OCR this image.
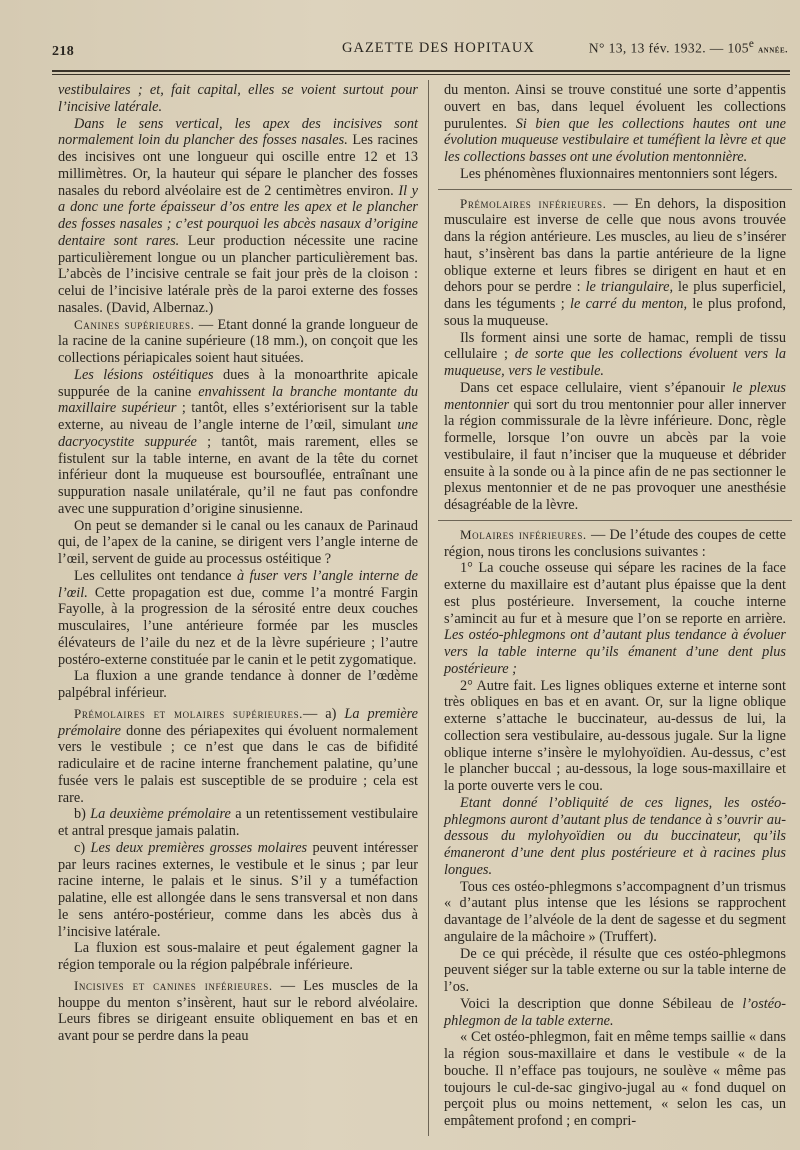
218	GAZETTE DES HOPITAUX	N° 13, 13 fév. 1932. — 105e année.

vestibulaires ; et, fait capital, elles se voient surtout pour l’incisive latérale.

Dans le sens vertical, les apex des incisives sont normalement loin du plancher des fosses nasales. Les racines des incisives ont une longueur qui oscille entre 12 et 13 millimètres. Or, la hauteur qui sépare le plancher des fosses nasales du rebord alvéolaire est de 2 centimètres environ. Il y a donc une forte épaisseur d’os entre les apex et le plancher des fosses nasales ; c’est pourquoi les abcès nasaux d’origine dentaire sont rares. Leur production nécessite une racine particulièrement longue ou un plancher particulièrement bas. L’abcès de l’incisive centrale se fait jour près de la cloison : celui de l’incisive latérale près de la paroi externe des fosses nasales. (David, Albernaz.)

Canines supérieures. — Etant donné la grande longueur de la racine de la canine supérieure (18 mm.), on conçoit que les collections périapicales soient haut situées.

Les lésions ostéitiques dues à la monoarthrite apicale suppurée de la canine envahissent la branche montante du maxillaire supérieur ; tantôt, elles s’extériorisent sur la table externe, au niveau de l’angle interne de l’œil, simulant une dacryocystite suppurée ; tantôt, mais rarement, elles se fistulent sur la table interne, en avant de la tête du cornet inférieur dont la muqueuse est boursouflée, entraînant une suppuration nasale unilatérale, qu’il ne faut pas confondre avec une suppuration d’origine sinusienne.

On peut se demander si le canal ou les canaux de Parinaud qui, de l’apex de la canine, se dirigent vers l’angle interne de l’œil, servent de guide au processus ostéitique ?

Les cellulites ont tendance à fuser vers l’angle interne de l’œil. Cette propagation est due, comme l’a montré Fargin Fayolle, à la progression de la sérosité entre deux couches musculaires, l’une antérieure formée par les muscles élévateurs de l’aile du nez et de la lèvre supérieure ; l’autre postéro-externe constituée par le canin et le petit zygomatique.

La fluxion a une grande tendance à donner de l’œdème palpébral inférieur.

Prémolaires et molaires supérieures.— a) La première prémolaire donne des périapexites qui évoluent normalement vers le vestibule ; ce n’est que dans le cas de bifidité radiculaire et de racine interne franchement palatine, qu’une fusée vers le palais est susceptible de se produire ; cela est rare.

b) La deuxième prémolaire a un retentissement vestibulaire et antral presque jamais palatin.

c) Les deux premières grosses molaires peuvent intéresser par leurs racines externes, le vestibule et le sinus ; par leur racine interne, le palais et le sinus. S’il y a tuméfaction palatine, elle est allongée dans le sens transversal et non dans le sens antéro-postérieur, comme dans les abcès dus à l’incisive latérale.

La fluxion est sous-malaire et peut également gagner la région temporale ou la région palpébrale inférieure.

Incisives et canines inférieures. — Les muscles de la houppe du menton s’insèrent, haut sur le rebord alvéolaire. Leurs fibres se dirigeant ensuite obliquement en bas et en avant pour se perdre dans la peau

du menton. Ainsi se trouve constitué une sorte d’appentis ouvert en bas, dans lequel évoluent les collections purulentes. Si bien que les collections hautes ont une évolution muqueuse vestibulaire et tuméfient la lèvre et que les collections basses ont une évolution mentonnière.

Les phénomènes fluxionnaires mentonniers sont légers.

Prémolaires inférieures. — En dehors, la disposition musculaire est inverse de celle que nous avons trouvée dans la région antérieure. Les muscles, au lieu de s’insérer haut, s’insèrent bas dans la partie antérieure de la ligne oblique externe et leurs fibres se dirigent en haut et en dehors pour se perdre : le triangulaire, le plus superficiel, dans les téguments ; le carré du menton, le plus profond, sous la muqueuse.

Ils forment ainsi une sorte de hamac, rempli de tissu cellulaire ; de sorte que les collections évoluent vers la muqueuse, vers le vestibule.

Dans cet espace cellulaire, vient s’épanouir le plexus mentonnier qui sort du trou mentonnier pour aller innerver la région commissurale de la lèvre inférieure. Donc, règle formelle, lorsque l’on ouvre un abcès par la voie vestibulaire, il faut n’inciser que la muqueuse et débrider ensuite à la sonde ou à la pince afin de ne pas sectionner le plexus mentonnier et de ne pas provoquer une anesthésie désagréable de la lèvre.

Molaires inférieures. — De l’étude des coupes de cette région, nous tirons les conclusions suivantes :

1° La couche osseuse qui sépare les racines de la face externe du maxillaire est d’autant plus épaisse que la dent est plus postérieure. Inversement, la couche interne s’amincit au fur et à mesure que l’on se reporte en arrière. Les ostéo-phlegmons ont d’autant plus tendance à évoluer vers la table interne qu’ils émanent d’une dent plus postérieure ;

2° Autre fait. Les lignes obliques externe et interne sont très obliques en bas et en avant. Or, sur la ligne oblique externe s’attache le buccinateur, au-dessus de lui, la collection sera vestibulaire, au-dessous jugale. Sur la ligne oblique interne s’insère le mylohyoïdien. Au-dessus, c’est le plancher buccal ; au-dessous, la loge sous-maxillaire et la porte ouverte vers le cou.

Etant donné l’obliquité de ces lignes, les ostéo-phlegmons auront d’autant plus de tendance à s’ouvrir au-dessous du mylohyoïdien ou du buccinateur, qu’ils émaneront d’une dent plus postérieure et à racines plus longues.

Tous ces ostéo-phlegmons s’accompagnent d’un trismus « d’autant plus intense que les lésions se rapprochent davantage de l’alvéole de la dent de sagesse et du segment angulaire de la mâchoire » (Truffert).

De ce qui précède, il résulte que ces ostéo-phlegmons peuvent siéger sur la table externe ou sur la table interne de l’os.

Voici la description que donne Sébileau de l’ostéo-phlegmon de la table externe.

« Cet ostéo-phlegmon, fait en même temps saillie « dans la région sous-maxillaire et dans le vestibule « de la bouche. Il n’efface pas toujours, ne soulève « même pas toujours le cul-de-sac gingivo-jugal au « fond duquel on perçoit plus ou moins nettement, « selon les cas, un empâtement profond ; en compri-
